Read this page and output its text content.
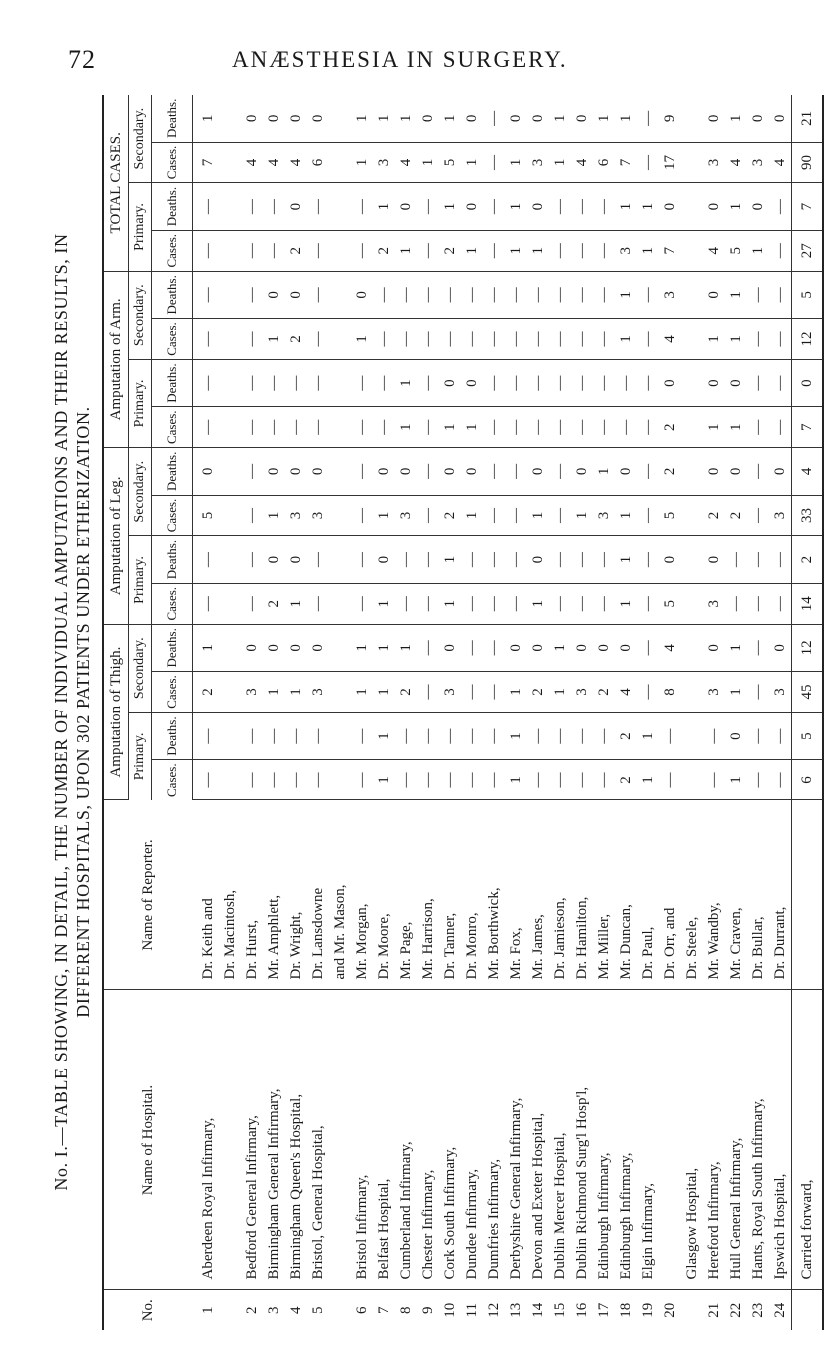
72	ANÆSTHESIA IN SURGERY.
No. I.—TABLE SHOWING, IN DETAIL, THE NUMBER OF INDIVIDUAL AMPUTATIONS AND THEIR RESULTS, IN DIFFERENT HOSPITALS, UPON 302 PATIENTS UNDER ETHERIZATION.
No.	Name of Hospital.	Name of Reporter.	Amputation of Thigh.				Amputation of Leg.				Amputation of Arm.				TOTAL CASES.			
			Primary.		Secondary.		Primary.		Secondary.		Primary.		Secondary.		Primary.		Secondary.	
			Cases.	Deaths.	Cases.	Deaths.	Cases.	Deaths.	Cases.	Deaths.	Cases.	Deaths.	Cases.	Deaths.	Cases.	Deaths.	Cases.	Deaths.
1	Aberdeen Royal Infirmary,	Dr. Keith and	—	—	2	1	—	—	5	0	—	—	—	—	—	—	7	1
		Dr. Macintosh,																
2	Bedford General Infirmary,	Dr. Hurst,	—	—	3	0	—	—	—	—	—	—	—	—	—	—	4	0
3	Birmingham General Infirmary,	Mr. Amphlett,	—	—	1	0	2	0	1	0	—	—	1	0	—	—	4	0
4	Birmingham Queen's Hospital,	Dr. Wright,	—	—	1	0	1	0	3	0	—	—	2	0	2	0	4	0
5	Bristol, General Hospital,	Dr. Lansdowne	—	—	3	0	—	—	3	0	—	—	—	—	—	—	6	0
		and Mr. Mason,																
6	Bristol Infirmary,	Mr. Morgan,	—	—	1	1	—	—	—	—	—	—	1	0	—	—	1	1
7	Belfast Hospital,	Dr. Moore,	1	1	1	1	1	0	1	0	—	—	—	—	2	1	3	1
8	Cumberland Infirmary,	Mr. Page,	—	—	2	1	—	—	3	0	1	1	—	—	1	0	4	1
9	Chester Infirmary,	Mr. Harrison,	—	—	—	—	—	—	—	—	—	—	—	—	—	—	1	0
10	Cork South Infirmary,	Dr. Tanner,	—	—	3	0	1	1	2	0	1	0	—	—	2	1	5	1
11	Dundee Infirmary,	Dr. Monro,	—	—	—	—	—	—	1	0	1	0	—	—	1	0	1	0
12	Dumfries Infirmary,	Mr. Borthwick,	—	—	—	—	—	—	—	—	—	—	—	—	—	—	—	—
13	Derbyshire General Infirmary,	Mr. Fox,	1	1	1	0	—	—	—	—	—	—	—	—	1	1	1	0
14	Devon and Exeter Hospital,	Mr. James,	—	—	2	0	1	0	1	0	—	—	—	—	1	0	3	0
15	Dublin Mercer Hospital,	Dr. Jamieson,	—	—	1	1	—	—	—	—	—	—	—	—	—	—	1	1
16	Dublin Richmond Surg'l Hosp'l,	Dr. Hamilton,	—	—	3	0	—	—	1	0	—	—	—	—	—	—	4	0
17	Edinburgh Infirmary,	Mr. Miller,	—	—	2	0	—	—	3	1	—	—	—	—	—	—	6	1
18	Edinburgh Infirmary,	Mr. Duncan,	2	2	4	0	1	1	1	0	—	—	1	1	3	1	7	1
19	Elgin Infirmary,	Dr. Paul,	1	1	—	—	—	—	—	—	—	—	—	—	1	1	—	—
20		Dr. Orr, and	—	—	8	4	5	0	5	2	2	0	4	3	7	0	17	9
	Glasgow Hospital,	Dr. Steele,																
21	Hereford Infirmary,	Mr. Wandby,	—	—	3	0	3	0	2	0	1	0	1	0	4	0	3	0
22	Hull General Infirmary,	Mr. Craven,	1	0	1	1	—	—	2	0	1	0	1	1	5	1	4	1
23	Hants, Royal South Infirmary,	Dr. Bullar,	—	—	—	—	—	—	—	—	—	—	—	—	1	0	3	0
24	Ipswich Hospital,	Dr. Durrant,	—	—	3	0	—	—	3	0	—	—	—	—	—	—	4	0
	Carried forward,		6	5	45	12	14	2	33	4	7	0	12	5	27	7	90	21
